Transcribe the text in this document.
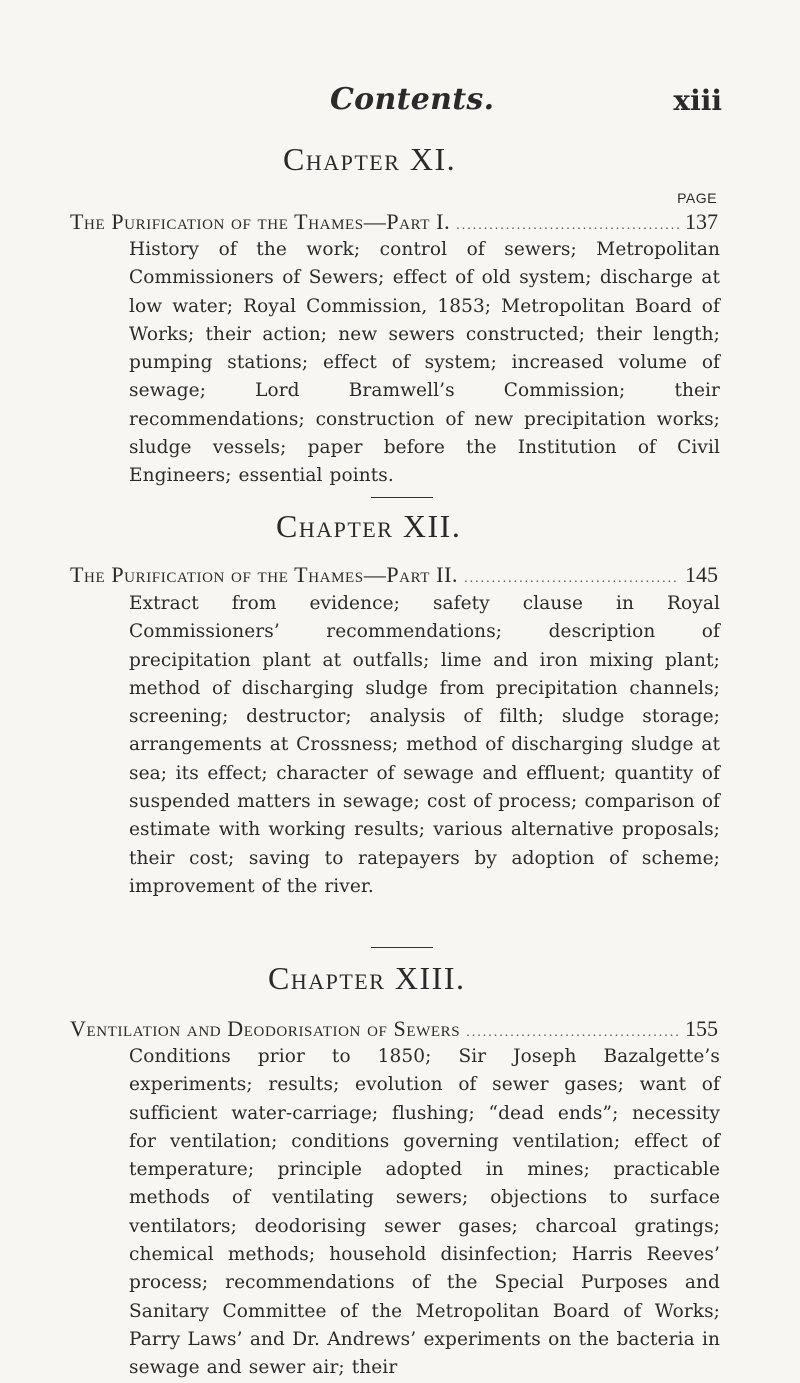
Contents.	xiii
Chapter XI.
PAGE
The Purification of the Thames—Part I. .....	137
History of the work; control of sewers; Metropolitan Commissioners of Sewers; effect of old system; discharge at low water; Royal Commission, 1853; Metropolitan Board of Works; their action; new sewers constructed; their length; pumping stations; effect of system; increased volume of sewage; Lord Bramwell’s Commission; their recommendations; construction of new precipitation works; sludge vessels; paper before the Institution of Civil Engineers; essential points.
Chapter XII.
The Purification of the Thames—Part II. .....	145
Extract from evidence; safety clause in Royal Commissioners’ recommendations; description of precipitation plant at outfalls; lime and iron mixing plant; method of discharging sludge from precipitation channels; screening; destructor; analysis of filth; sludge storage; arrangements at Crossness; method of discharging sludge at sea; its effect; character of sewage and effluent; quantity of suspended matters in sewage; cost of process; comparison of estimate with working results; various alternative proposals; their cost; saving to ratepayers by adoption of scheme; improvement of the river.
Chapter XIII.
Ventilation and Deodorisation of Sewers .....	155
Conditions prior to 1850; Sir Joseph Bazalgette’s experiments; results; evolution of sewer gases; want of sufficient water-carriage; flushing; “dead ends”; necessity for ventilation; conditions governing ventilation; effect of temperature; principle adopted in mines; practicable methods of ventilating sewers; objections to surface ventilators; deodorising sewer gases; charcoal gratings; chemical methods; household disinfection; Harris Reeves’ process; recommendations of the Special Purposes and Sanitary Committee of the Metropolitan Board of Works; Parry Laws’ and Dr. Andrews’ experiments on the bacteria in sewage and sewer air; their
